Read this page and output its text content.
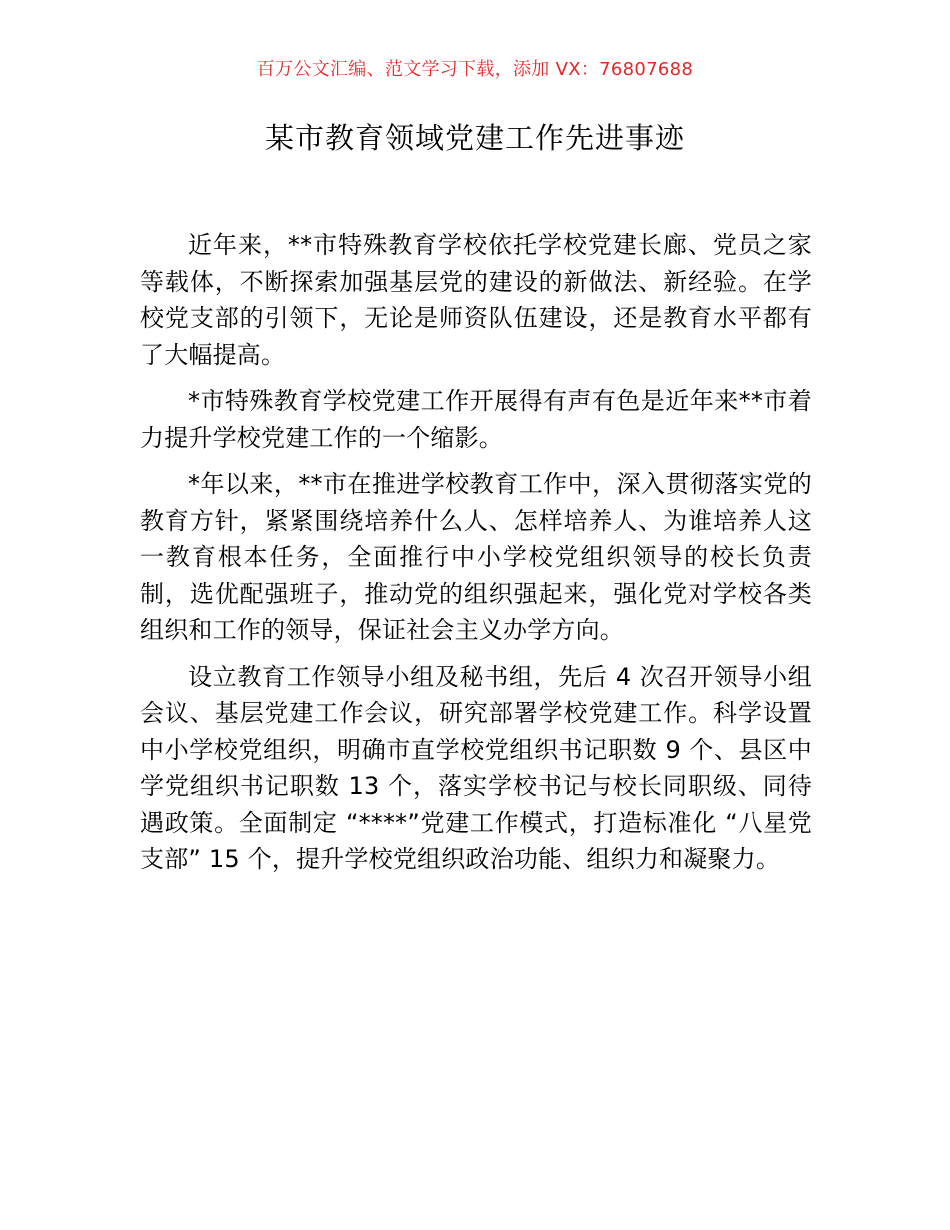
百万公文汇编、范文学习下载，添加 VX：76807688
某市教育领域党建工作先进事迹

近年来，**市特殊教育学校依托学校党建长廊、党员之家等载体，不断探索加强基层党的建设的新做法、新经验。在学校党支部的引领下，无论是师资队伍建设，还是教育水平都有了大幅提高。

*市特殊教育学校党建工作开展得有声有色是近年来**市着力提升学校党建工作的一个缩影。

*年以来，**市在推进学校教育工作中，深入贯彻落实党的教育方针，紧紧围绕培养什么人、怎样培养人、为谁培养人这一教育根本任务，全面推行中小学校党组织领导的校长负责制，选优配强班子，推动党的组织强起来，强化党对学校各类组织和工作的领导，保证社会主义办学方向。

设立教育工作领导小组及秘书组，先后 4 次召开领导小组会议、基层党建工作会议，研究部署学校党建工作。科学设置中小学校党组织，明确市直学校党组织书记职数 9 个、县区中学党组织书记职数 13 个，落实学校书记与校长同职级、同待遇政策。全面制定 “****”党建工作模式，打造标准化 “八星党支部” 15 个，提升学校党组织政治功能、组织力和凝聚力。
